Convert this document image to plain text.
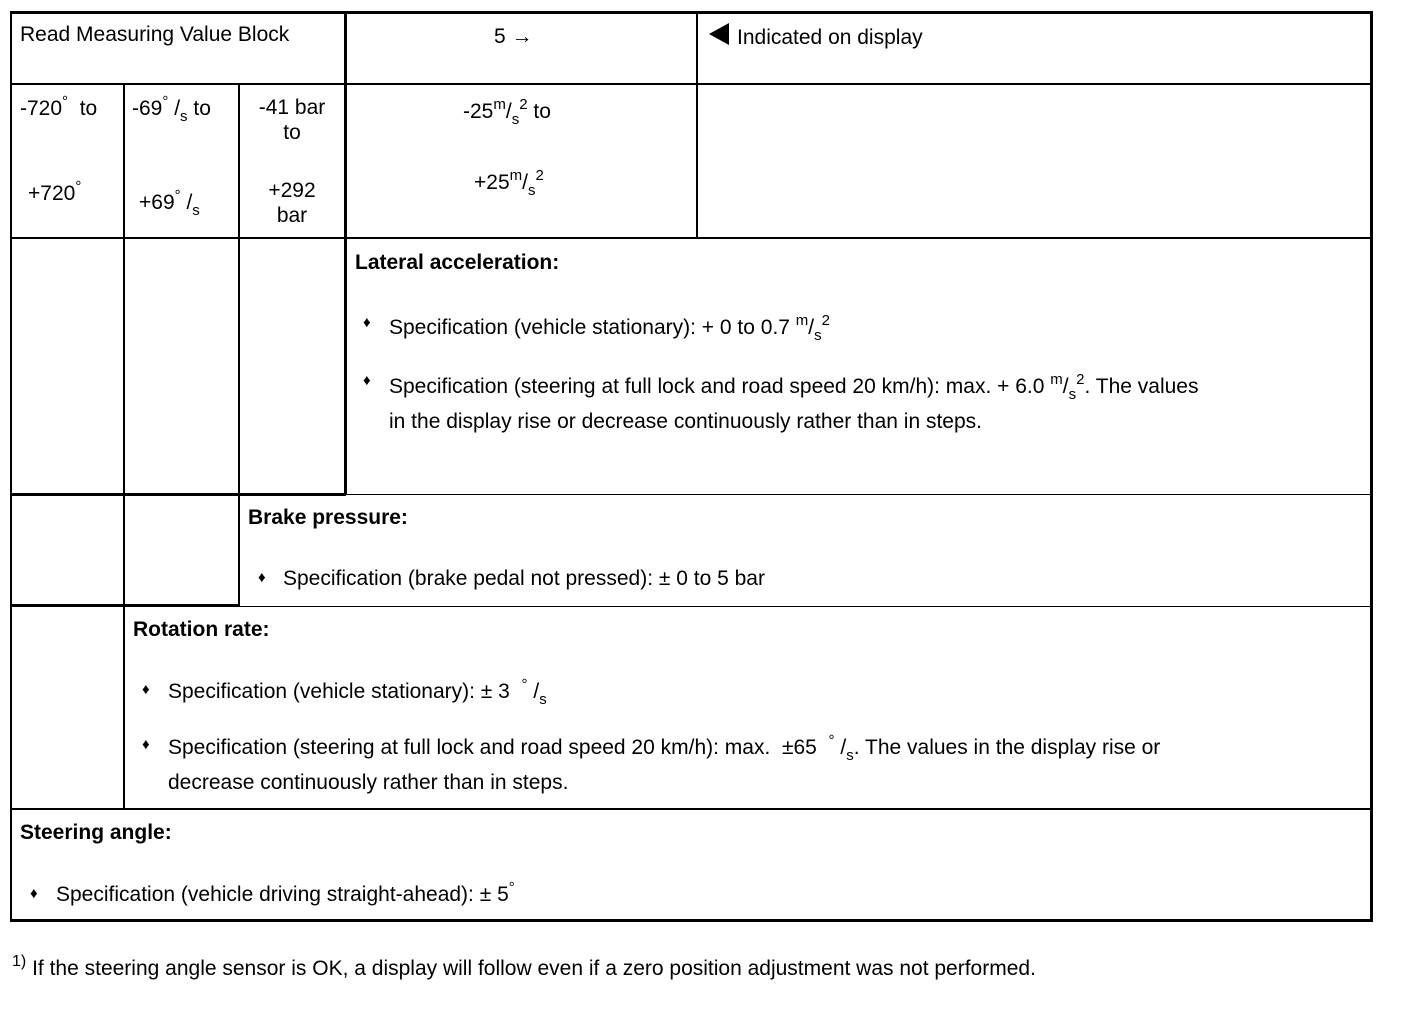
Read Measuring Value Block	5 →	Indicated on display
-720°  to
+720°
-69° $/_s$ to
+69° $/_s$
-41 bar
to
+292
bar
$-25^m/_s^2$ to
$+25^m/_s^2$
Lateral acceleration:
♦ Specification (vehicle stationary): + 0 to 0.7 $^m/_s^2$
♦ Specification (steering at full lock and road speed 20 km/h): max. + 6.0 $^m/_s^2$. The values
in the display rise or decrease continuously rather than in steps.
Brake pressure:
♦ Specification (brake pedal not pressed): ± 0 to 5 bar
Rotation rate:
♦ Specification (vehicle stationary): ± 3  ° $/_s$
♦ Specification (steering at full lock and road speed 20 km/h): max.  ±65  ° $/_s$. The values in the display rise or
decrease continuously rather than in steps.
Steering angle:
♦ Specification (vehicle driving straight-ahead): ± 5°
$^{1)}$ If the steering angle sensor is OK, a display will follow even if a zero position adjustment was not performed.
